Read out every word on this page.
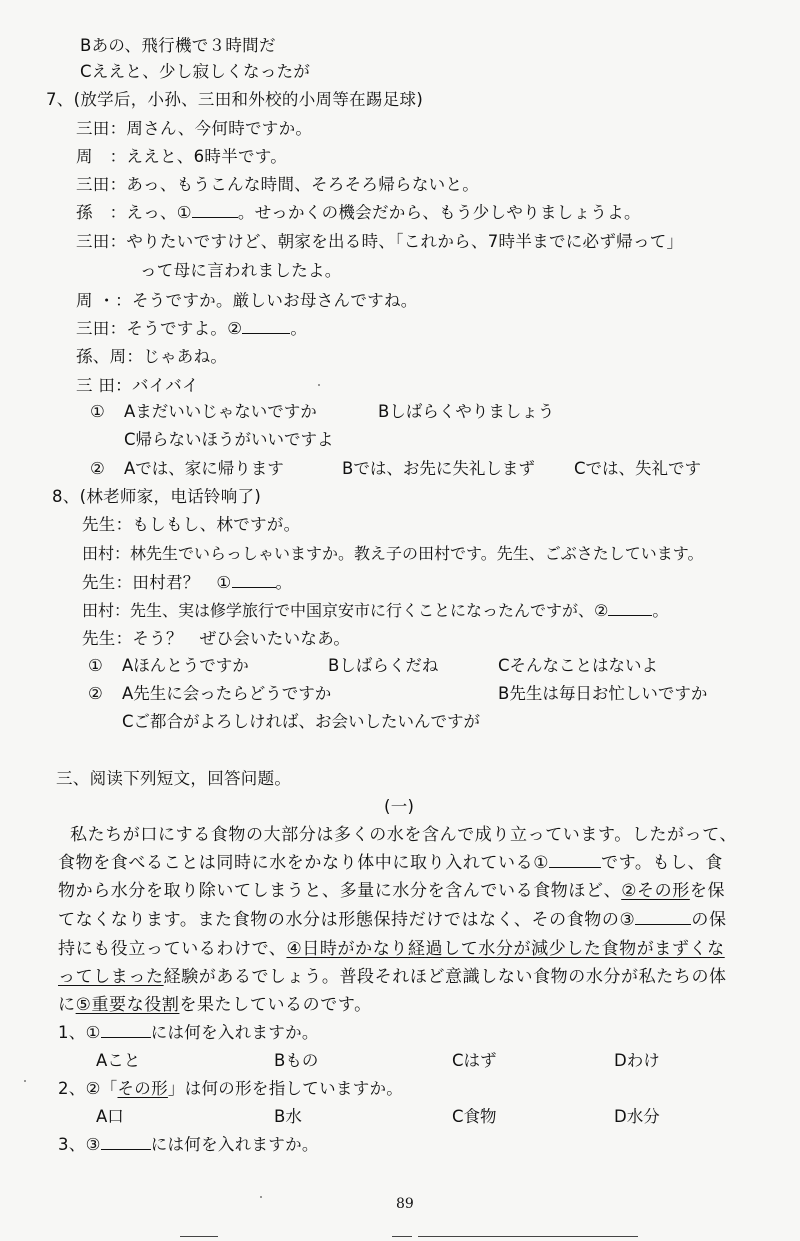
Bあの、飛行機で３時間だ
Cええと、少し寂しくなったが
7、(放学后，小孙、三田和外校的小周等在踢足球)
三田：周さん、今何時ですか。
周　：ええと、6時半です。
三田：あっ、もうこんな時間、そろそろ帰らないと。
孫　：えっ、①	。せっかくの機会だから、もう少しやりましょうよ。
三田：やりたいですけど、朝家を出る時、「これから、7時半までに必ず帰って」
って母に言われましたよ。
周 ・：そうですか。厳しいお母さんですね。
三田：そうですよ。②	。
孫、周：じゃあね。
三 田：バイバイ
① Aまだいいじゃないですか	Bしばらくやりましょう
C帰らないほうがいいですよ
② Aでは、家に帰ります	Bでは、お先に失礼しまず Cでは、失礼です
8、(林老师家，电话铃响了)
先生：もしもし、林ですが。
田村：林先生でいらっしゃいますか。教え子の田村です。先生、ごぶさたしています。
先生：田村君？　①	。
田村：先生、実は修学旅行で中国京安市に行くことになったんですが、②	。
先生：そう？　ぜひ会いたいなあ。
① Aほんとうですか	Bしばらくだね	Cそんなことはないよ
② A先生に会ったらどうですか	B先生は毎日お忙しいですか
Cご都合がよろしければ、お会いしたいんですが
三、阅读下列短文，回答问题。
(一)
私たちが口にする食物の大部分は多くの水を含んで成り立っています。したがって、
食物を食べることは同時に水をかなり体中に取り入れている①	です。もし、食
物から水分を取り除いてしまうと、多量に水分を含んでいる食物ほど、②その形を保
てなくなります。また食物の水分は形態保持だけではなく、その食物の③	の保
持にも役立っているわけで、④日時がかなり経過して水分が減少した食物がまずくな
ってしまった経験があるでしょう。普段それほど意識しない食物の水分が私たちの体
に⑤重要な役割を果たしているのです。
1、①	には何を入れますか。
Aこと	Bもの	Cはず	Dわけ
2、②「その形」は何の形を指していますか。
A口	B水	C食物	D水分
3、③	には何を入れますか。
89
